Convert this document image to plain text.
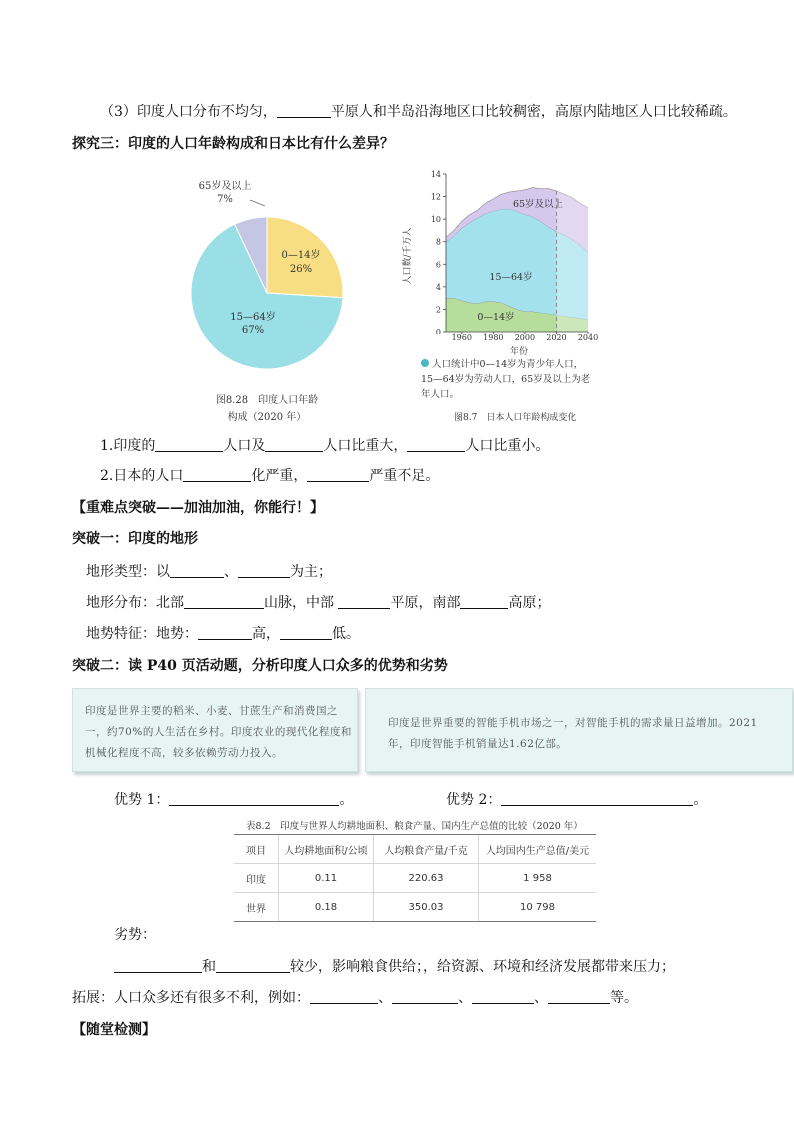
（3）印度人口分布不均匀，	平原人和半岛沿海地区口比较稠密，高原内陆地区人口比较稀疏。
探究三：印度的人口年龄构成和日本比有什么差异？
65岁及以上
7%
0—14岁
26%
15—64岁
67%
图8.28　印度人口年龄
构成（2020 年）
0
2
4
6
8
10
12
14
人口数/千万人
65岁及以上
15—64岁
0—14岁
年份
人口统计中0—14岁为青少年人口，15—64岁为劳动人口，65岁及以上为老年人口。
图8.7　日本人口年龄构成变化
1.印度的	人口及	人口比重大，	人口比重小。
2.日本的人口	化严重，	严重不足。
【重难点突破——加油加油，你能行！】
突破一：印度的地形
地形类型：以	、	为主；
地形分布：北部	山脉，中部	平原，南部	高原；
地势特征：地势：	高，	低。
突破二：读 P40 页活动题，分析印度人口众多的优势和劣势
印度是世界主要的稻米、小麦、甘蔗生产和消费国之一，约70%的人生活在乡村。印度农业的现代化程度和机械化程度不高，较多依赖劳动力投入。
印度是世界重要的智能手机市场之一，对智能手机的需求量日益增加。2021年，印度智能手机销量达1.62亿部。
优势 1：	。	优势 2：	。
表8.2　印度与世界人均耕地面积、粮食产量、国内生产总值的比较（2020 年）
项目	人均耕地面积/公顷	人均粮食产量/千克	人均国内生产总值/美元
印度	0.11	220.63	1 958
世界	0.18	350.03	10 798
劣势：
和	较少，影响粮食供给；，给资源、环境和经济发展都带来压力；
拓展：人口众多还有很多不利，例如：	、	、	、	等。
【随堂检测】
1960	1980	2000	2020	2040
